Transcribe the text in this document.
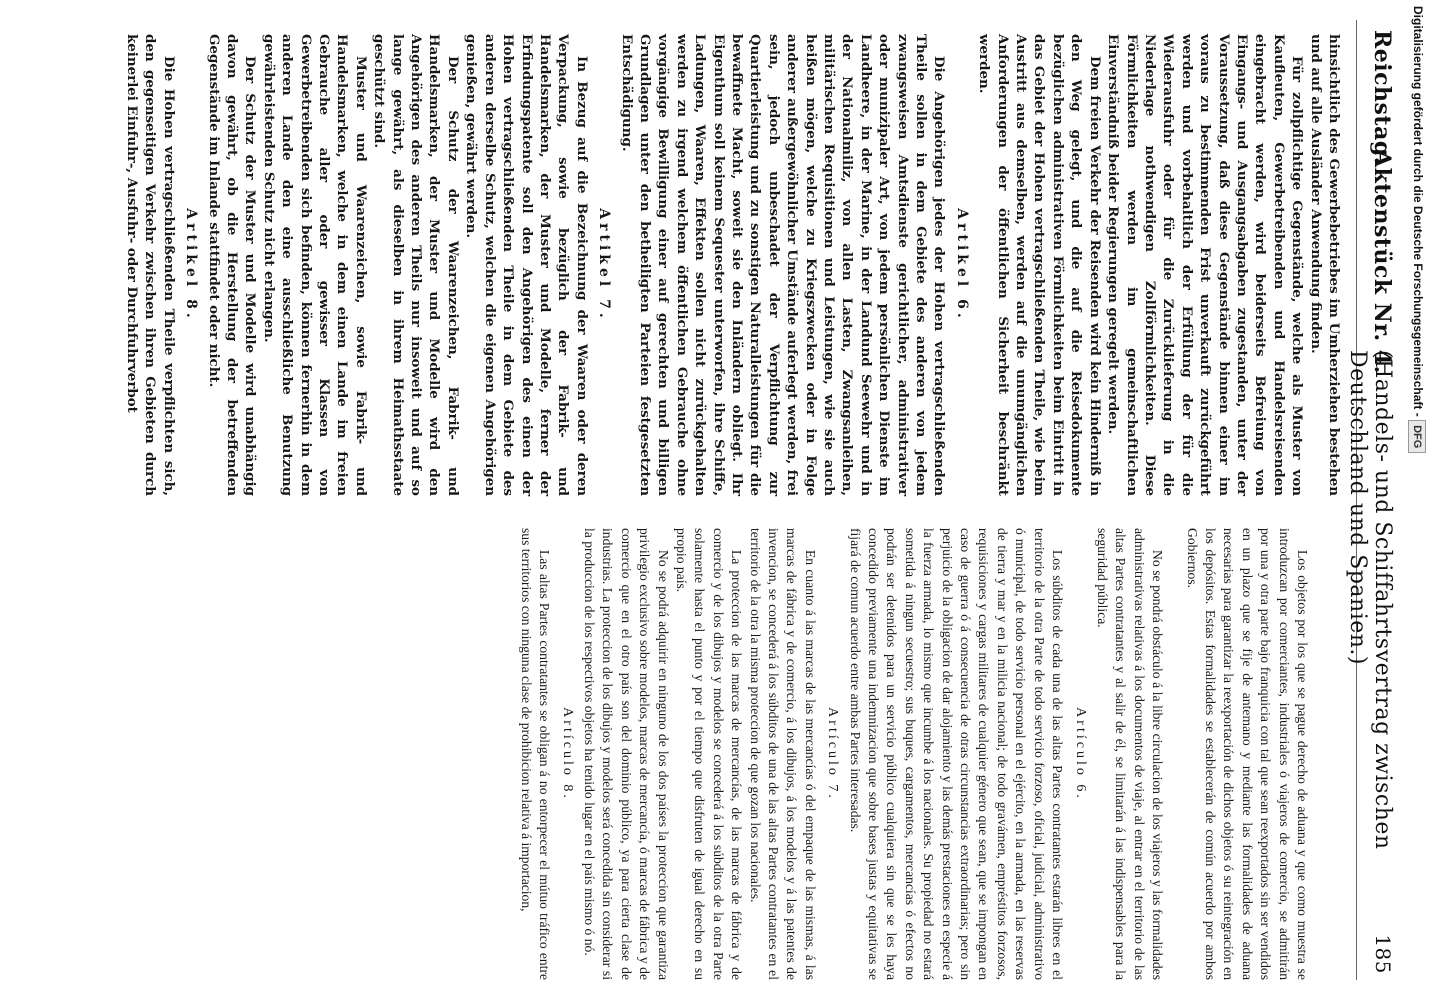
Reichstag.
Aktenstück Nr. 4.
(Handels- und Schiffahrtsvertrag zwischen Deutschland und Spanien.)
185

hinsichtlich des Gewerbebetriebes im Umherziehen bestehen und auf alle Ausländer Anwendung finden.

Für zollpflichtige Gegenstände, welche als Muster von Kaufleuten, Gewerbetreibenden und Handelsreisenden eingebracht werden, wird beiderseits Befreiung von Eingangs- und Ausgangsabgaben zugestanden, unter der Voraussetzung, daß diese Gegenstände binnen einer im voraus zu bestimmenden Frist unverkauft zurückgeführt werden und vorbehaltlich der Erfüllung der für die Wiederausfuhr oder für die Zurücklieferung in die Niederlage nothwendigen Zollförmlichkeiten. Diese Förmlichkeiten werden im gemeinschaftlichen Einverständniß beider Regierungen geregelt werden.

Dem freien Verkehr der Reisenden wird kein Hinderniß in den Weg gelegt, und die auf die Reisedokumente bezüglichen administrativen Förmlichkeiten beim Eintritt in das Gebiet der Hohen vertragschließenden Theile, wie beim Austritt aus demselben, werden auf die unumgänglichen Anforderungen der öffentlichen Sicherheit beschränkt werden.

Artikel 6.

Die Angehörigen jedes der Hohen vertragschließenden Theile sollen in dem Gebiete des anderen von jedem zwangsweisen Amtsdienste gerichtlicher, administrativer oder munizipaler Art, von jedem persönlichen Dienste im Landheere, in der Marine, in der Landund Seewehr und in der Nationalmiliz, von allen Lasten, Zwangsanleihen, militärischen Requisitionen und Leistungen, wie sie auch heißen mögen, welche zu Kriegszwecken oder in Folge anderer außergewöhnlicher Umstände auferlegt werden, frei sein, jedoch unbeschadet der Verpflichtung zur Quartierleistung und zu sonstigen Naturalleistungen für die bewaffnete Macht, soweit sie den Inländern obliegt. Ihr Eigenthum soll keinem Sequester unterworfen, ihre Schiffe, Ladungen, Waaren, Effekten sollen nicht zurückgehalten werden zu irgend welchem öffentlichen Gebrauche ohne vorgängige Bewilligung einer auf gerechten und billigen Grundlagen unter den betheiligten Parteien festgesetzten Entschädigung.

Artikel 7.

In Bezug auf die Bezeichnung der Waaren oder deren Verpackung, sowie bezüglich der Fabrik- und Handelsmarken, der Muster und Modelle, ferner der Erfindungspatente soll den Angehörigen des einen der Hohen vertragschließenden Theile in dem Gebiete des anderen derselbe Schutz, welchen die eigenen Angehörigen genießen, gewährt werden.

Der Schutz der Waarenzeichen, Fabrik- und Handelsmarken, der Muster und Modelle wird den Angehörigen des anderen Theils nur insoweit und auf so lange gewährt, als dieselben in ihrem Heimathsstaate geschützt sind.

Muster und Waarenzeichen, sowie Fabrik- und Handelsmarken, welche in dem einen Lande im freien Gebrauche aller oder gewisser Klassen von Gewerbetreibenden sich befinden, können fernerhin in dem anderen Lande den eine ausschließliche Benutzung gewährleistenden Schutz nicht erlangen.

Der Schutz der Muster und Modelle wird unabhängig davon gewährt, ob die Herstellung der betreffenden Gegenstände im Inlande stattfindet oder nicht.

Artikel 8.

Die Hohen vertragschließenden Theile verpflichten sich, den gegenseitigen Verkehr zwischen ihren Gebieten durch keinerlei Einfuhr-, Ausfuhr- oder Durchfuhrverbot

Los objetos por los que se pague derecho de aduana y que como muestra se introduzcan por comerciantes, industriales ó viajeros de comercio, se admitirán por una y otra parte bajo franquicia con tal que sean reexportados sin ser vendidos en un plazo que se fije de antemano y mediante las formalidades de aduana necesarias para garantizar la reexportación de dichos objetos ó su reintegración en los depósitos. Estas formalidades se establecerán de común acuerdo por ambos Gobiernos.

No se pondrá obstáculo á la libre circulacion de los viajeros y las formalidades administrativas relativas á los documentos de viaje, al entrar en el territorio de las altas Partes contratantes y al salir de él, se limitarán á las indispensables para la seguridad pública.

Artículo 6.

Los súbditos de cada una de las altas Partes contratantes estarán libres en el territorio de la otra Parte de todo servicio forzoso, oficial, judicial, administrativo ó municipal, de todo servicio personal en el ejército, en la armada, en las reservas de tierra y mar y en la milicia nacional; de todo gravámen, empréstitos forzosos, requisiciones y cargas militares de cualquier género que sean, que se impongan en caso de guerra ó á consecuencia de otras circunstancias extraordinarias; pero sin perjuicio de la obligacion de dar alojamiento y las demás prestaciones en especie á la fuerza armada, lo mismo que incumbe á los nacionales. Su propiedad no estará sometida á ningun secuestro; sus buques, cargamentos, mercancías ó efectos no podrán ser detenidos para un servicio público cualquiera sin que se les haya concedido previamente una indemnizacion que sobre bases justas y equitativas se fijará de comun acuerdo entre ambas Partes interesadas.

Artículo 7.

En cuanto á las marcas de las mercancías ó del empaque de las mismas, á las marcas de fábrica y de comercio, á los dibujos, á los modelos y á las patentes de invencion, se concederá á los súbditos de una de las altas Partes contratantes en el territorio de la otra la misma proteccion de que gozan los nacionales.

La proteccion de las marcas de mercancías, de las marcas de fábrica y de comercio y de los dibujos y modelos se concederá á los súbditos de la otra Parte solamente hasta el punto y por el tiempo que disfruten de igual derecho en su propio país.

No se podrá adquirir en ninguno de los dos países la proteccion que garantiza privilegio exclusivo sobre modelos, marcas de mercancía, ó marcas de fábrica y de comercio que en el otro país son del dominio público, ya para cierta clase de industrias. La proteccion de los dibujos y modelos será concedida sin considerar si la produccion de los respectivos objetos ha tenido lugar en el país mismo ó nó.

Artículo 8.

Las altas Partes contratantes se obligan á no entorpecer el mútuo tráfico entre sus territorios con ninguna clase de prohibicion relativa á importacion,

Digitalisierung gefördert durch die Deutsche Forschungsgemeinschaft - DFG
